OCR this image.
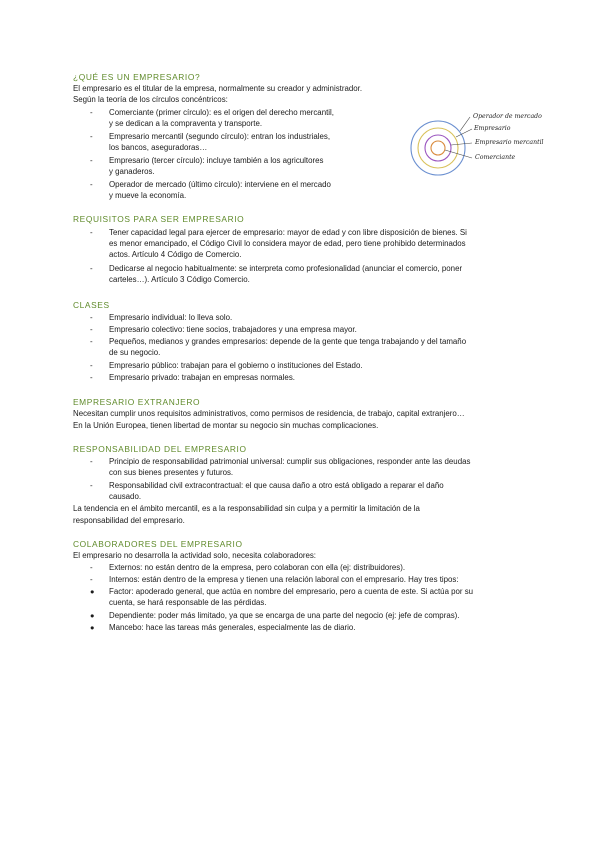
¿QUÉ ES UN EMPRESARIO?
El empresario es el titular de la empresa, normalmente su creador y administrador.
Según la teoría de los círculos concéntricos:
- Comerciante (primer círculo): es el origen del derecho mercantil,
y se dedican a la compraventa y transporte.
- Empresario mercantil (segundo círculo): entran los industriales,
los bancos, aseguradoras…
- Empresario (tercer círculo): incluye también a los agricultores
y ganaderos.
- Operador de mercado (último círculo): interviene en el mercado
y mueve la economía.
Operador de mercado
Empresario
Empresario mercantil
Comerciante
REQUISITOS PARA SER EMPRESARIO
- Tener capacidad legal para ejercer de empresario: mayor de edad y con libre disposición de bienes. Si
es menor emancipado, el Código Civil lo considera mayor de edad, pero tiene prohibido determinados
actos. Artículo 4 Código de Comercio.
- Dedicarse al negocio habitualmente: se interpreta como profesionalidad (anunciar el comercio, poner
carteles…). Artículo 3 Código Comercio.
CLASES
- Empresario individual: lo lleva solo.
- Empresario colectivo: tiene socios, trabajadores y una empresa mayor.
- Pequeños, medianos y grandes empresarios: depende de la gente que tenga trabajando y del tamaño
de su negocio.
- Empresario público: trabajan para el gobierno o instituciones del Estado.
- Empresario privado: trabajan en empresas normales.
EMPRESARIO EXTRANJERO
Necesitan cumplir unos requisitos administrativos, como permisos de residencia, de trabajo, capital extranjero…
En la Unión Europea, tienen libertad de montar su negocio sin muchas complicaciones.
RESPONSABILIDAD DEL EMPRESARIO
- Principio de responsabilidad patrimonial universal: cumplir sus obligaciones, responder ante las deudas
con sus bienes presentes y futuros.
- Responsabilidad civil extracontractual: el que causa daño a otro está obligado a reparar el daño
causado.
La tendencia en el ámbito mercantil, es a la responsabilidad sin culpa y a permitir la limitación de la
responsabilidad del empresario.
COLABORADORES DEL EMPRESARIO
El empresario no desarrolla la actividad solo, necesita colaboradores:
- Externos: no están dentro de la empresa, pero colaboran con ella (ej: distribuidores).
- Internos: están dentro de la empresa y tienen una relación laboral con el empresario. Hay tres tipos:
● Factor: apoderado general, que actúa en nombre del empresario, pero a cuenta de este. Si actúa por su
cuenta, se hará responsable de las pérdidas.
● Dependiente: poder más limitado, ya que se encarga de una parte del negocio (ej: jefe de compras).
● Mancebo: hace las tareas más generales, especialmente las de diario.
